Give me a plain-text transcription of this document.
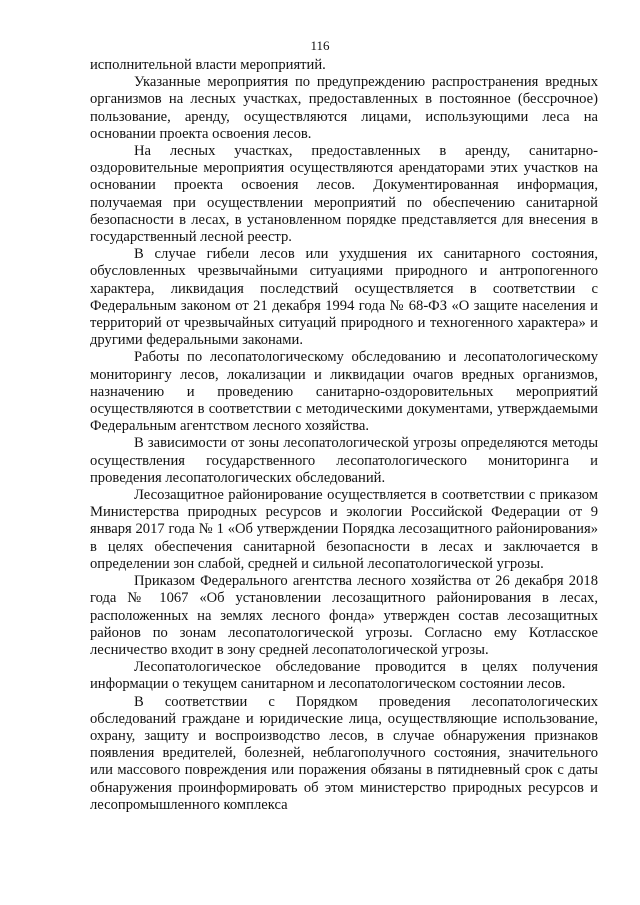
116

исполнительной власти мероприятий.

Указанные мероприятия по предупреждению распространения вредных организмов на лесных участках, предоставленных в постоянное (бессрочное) пользование, аренду, осуществляются лицами, использующими леса на основании проекта освоения лесов.

На лесных участках, предоставленных в аренду, санитарно-оздоровительные мероприятия осуществляются арендаторами этих участков на основании проекта освоения лесов. Документированная информация, получаемая при осуществлении мероприятий по обеспечению санитарной безопасности в лесах, в установленном порядке представляется для внесения в государственный лесной реестр.

В случае гибели лесов или ухудшения их санитарного состояния, обусловленных чрезвычайными ситуациями природного и антропогенного характера, ликвидация последствий осуществляется в соответствии с Федеральным законом от 21 декабря 1994 года № 68-ФЗ «О защите населения и территорий от чрезвычайных ситуаций природного и техногенного характера» и другими федеральными законами.

Работы по лесопатологическому обследованию и лесопатологическому мониторингу лесов, локализации и ликвидации очагов вредных организмов, назначению и проведению санитарно-оздоровительных мероприятий осуществляются в соответствии с методическими документами, утверждаемыми Федеральным агентством лесного хозяйства.

В зависимости от зоны лесопатологической угрозы определяются методы осуществления государственного лесопатологического мониторинга и проведения лесопатологических обследований.

Лесозащитное районирование осуществляется в соответствии с приказом Министерства природных ресурсов и экологии Российской Федерации от 9 января 2017 года № 1 «Об утверждении Порядка лесозащитного районирования» в целях обеспечения санитарной безопасности в лесах и заключается в определении зон слабой, средней и сильной лесопатологической угрозы.

Приказом Федерального агентства лесного хозяйства от 26 декабря 2018 года № 1067 «Об установлении лесозащитного районирования в лесах, расположенных на землях лесного фонда» утвержден состав лесозащитных районов по зонам лесопатологической угрозы. Согласно ему Котласское лесничество входит в зону средней лесопатологической угрозы.

Лесопатологическое обследование проводится в целях получения информации о текущем санитарном и лесопатологическом состоянии лесов.

В соответствии с Порядком проведения лесопатологических обследований граждане и юридические лица, осуществляющие использование, охрану, защиту и воспроизводство лесов, в случае обнаружения признаков появления вредителей, болезней, неблагополучного состояния, значительного или массового повреждения или поражения обязаны в пятидневный срок с даты обнаружения проинформировать об этом министерство природных ресурсов и лесопромышленного комплекса
